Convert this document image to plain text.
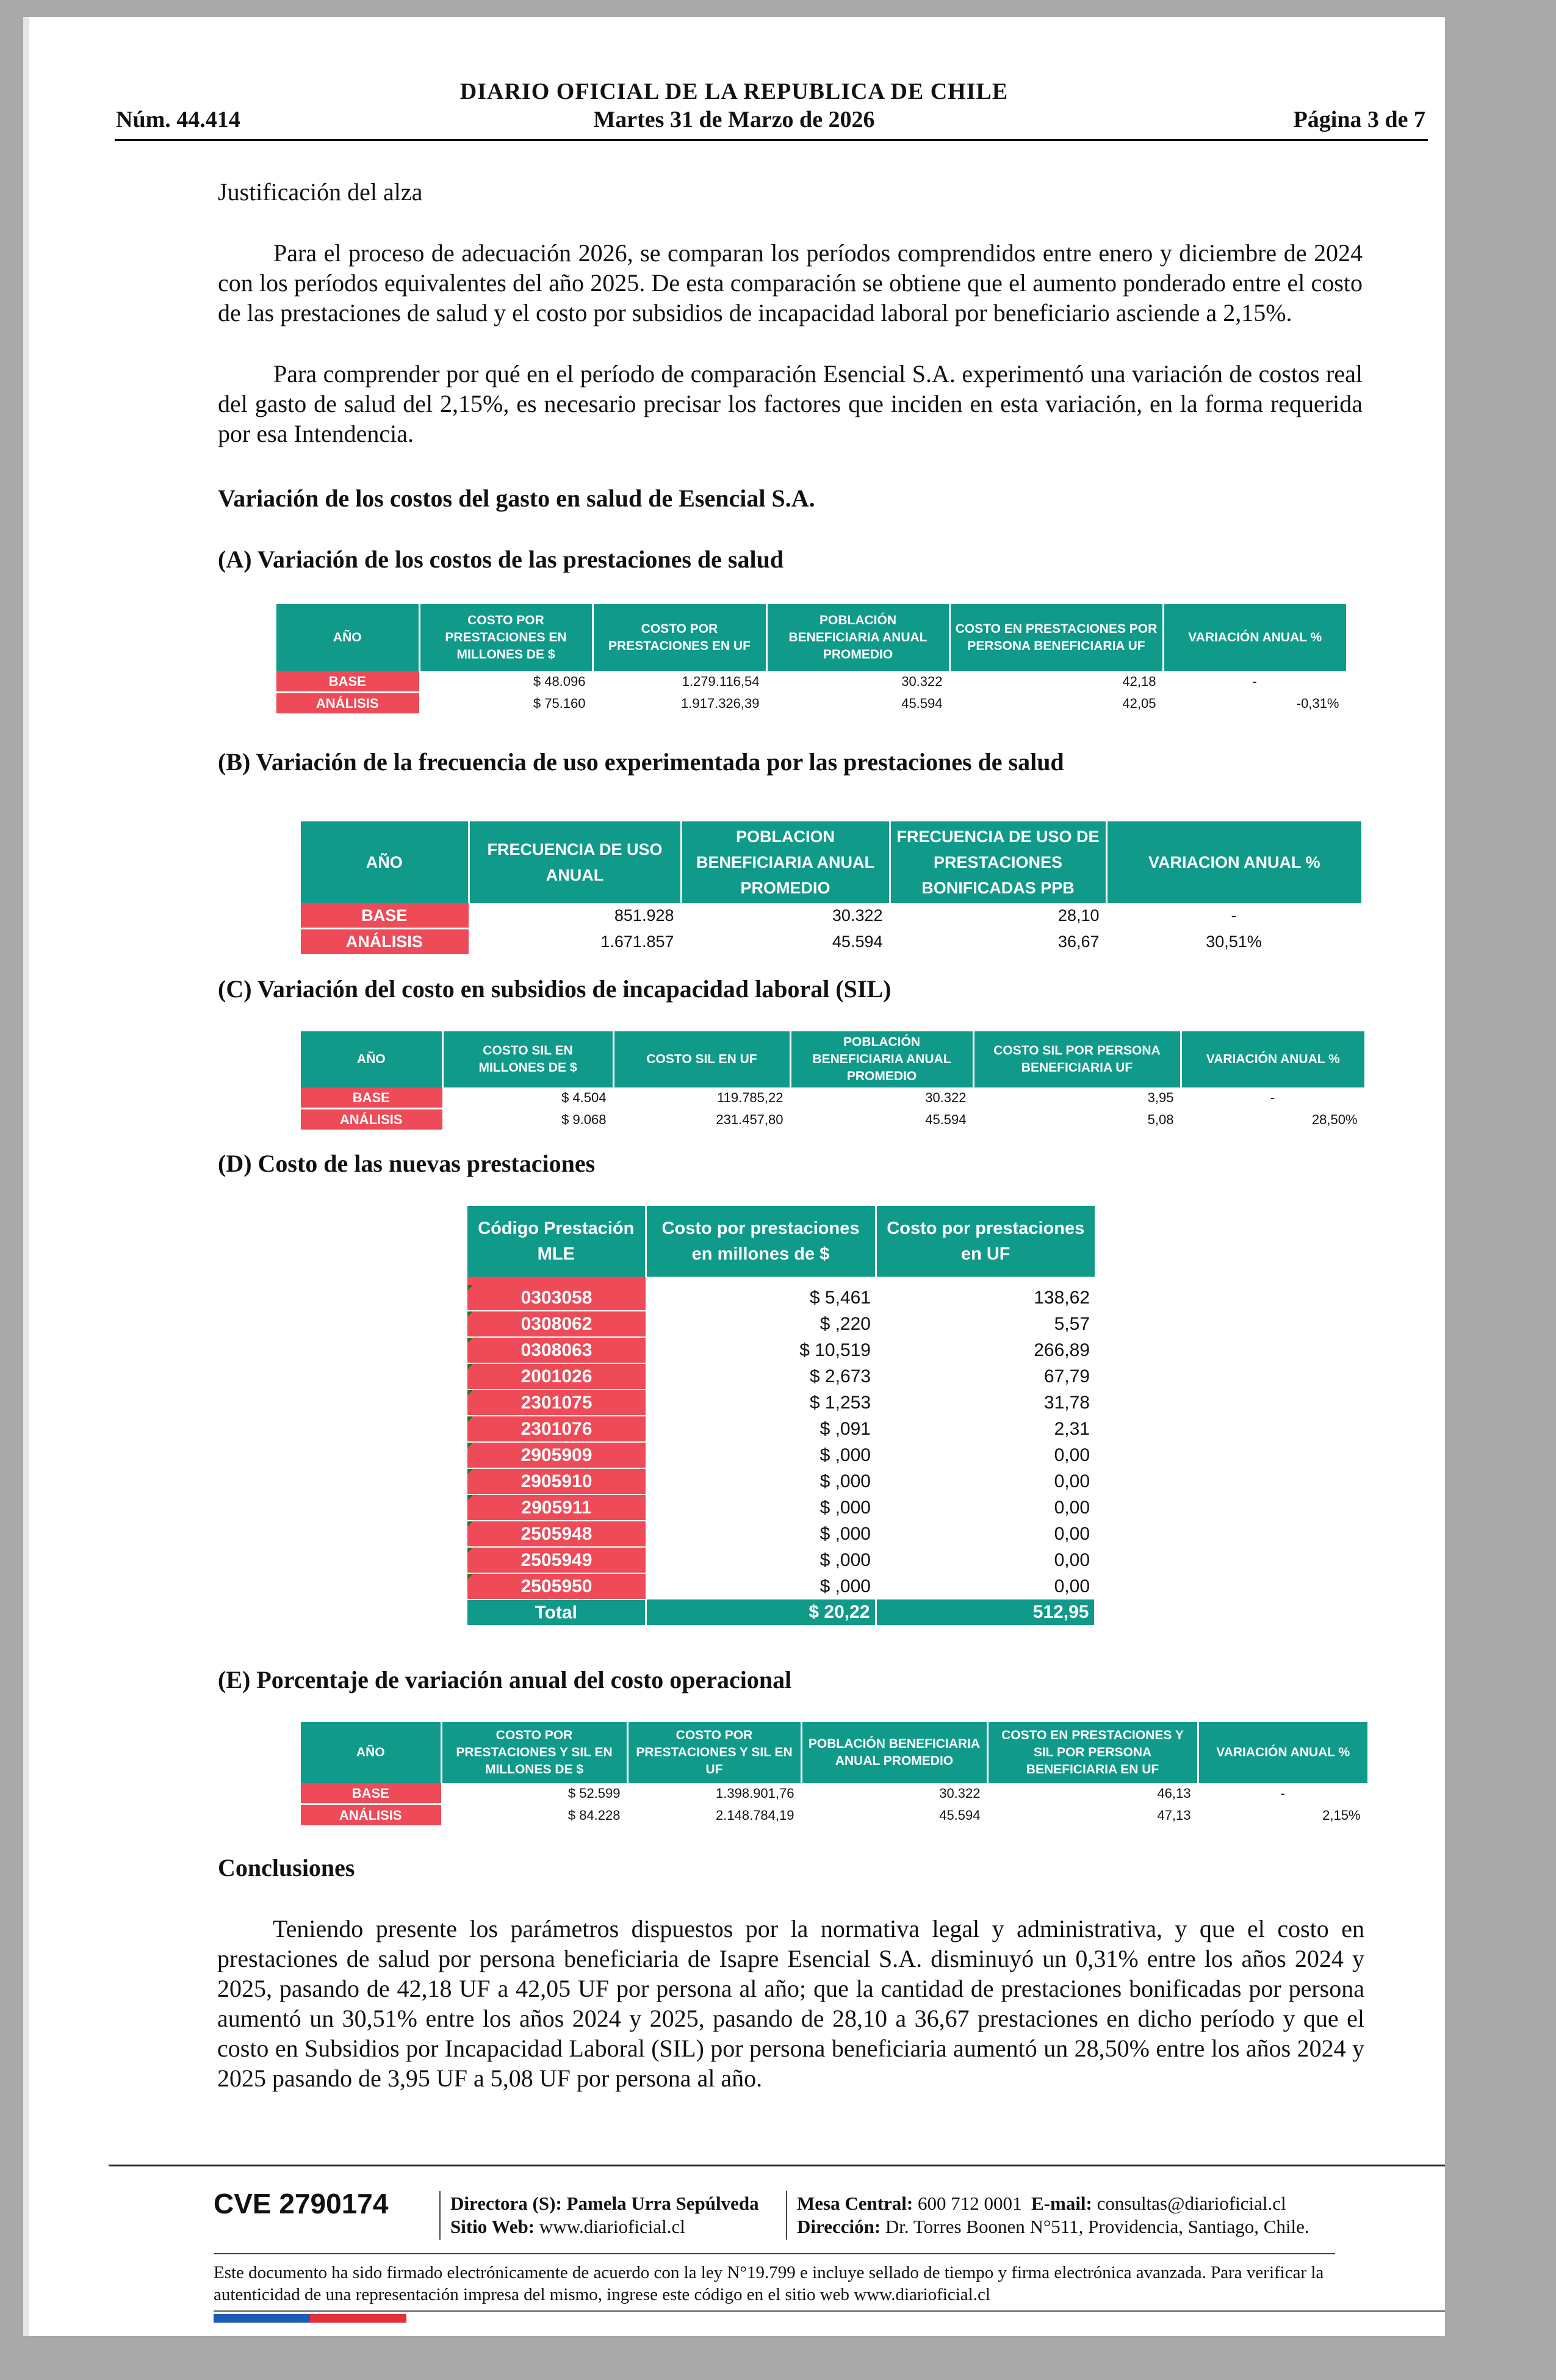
DIARIO OFICIAL DE LA REPUBLICA DE CHILE
Núm. 44.414	Martes 31 de Marzo de 2026	Página 3 de 7
Justificación del alza
Para el proceso de adecuación 2026, se comparan los períodos comprendidos entre enero y diciembre de 2024 con los períodos equivalentes del año 2025. De esta comparación se obtiene que el aumento ponderado entre el costo de las prestaciones de salud y el costo por subsidios de incapacidad laboral por beneficiario asciende a 2,15%.
Para comprender por qué en el período de comparación Esencial S.A. experimentó una variación de costos real del gasto de salud del 2,15%, es necesario precisar los factores que inciden en esta variación, en la forma requerida por esa Intendencia.
Variación de los costos del gasto en salud de Esencial S.A.
(A) Variación de los costos de las prestaciones de salud
AÑO	COSTO POR PRESTACIONES EN MILLONES DE $	COSTO POR PRESTACIONES EN UF	POBLACIÓN BENEFICIARIA ANUAL PROMEDIO	COSTO EN PRESTACIONES POR PERSONA BENEFICIARIA UF	VARIACIÓN ANUAL %
BASE	$ 48.096	1.279.116,54	30.322	42,18	-
ANÁLISIS	$ 75.160	1.917.326,39	45.594	42,05	-0,31%
(B) Variación de la frecuencia de uso experimentada por las prestaciones de salud
AÑO	FRECUENCIA DE USO ANUAL	POBLACION BENEFICIARIA ANUAL PROMEDIO	FRECUENCIA DE USO DE PRESTACIONES BONIFICADAS PPB	VARIACION ANUAL %
BASE	851.928	30.322	28,10	-
ANÁLISIS	1.671.857	45.594	36,67	30,51%
(C) Variación del costo en subsidios de incapacidad laboral (SIL)
AÑO	COSTO SIL EN MILLONES DE $	COSTO SIL EN UF	POBLACIÓN BENEFICIARIA ANUAL PROMEDIO	COSTO SIL POR PERSONA BENEFICIARIA UF	VARIACIÓN ANUAL %
BASE	$ 4.504	119.785,22	30.322	3,95	-
ANÁLISIS	$ 9.068	231.457,80	45.594	5,08	28,50%
(D) Costo de las nuevas prestaciones
Código Prestación MLE	Costo por prestaciones en millones de $	Costo por prestaciones en UF

0303058	$ 5,461	138,62
0308062	$ ,220	5,57
0308063	$ 10,519	266,89
2001026	$ 2,673	67,79
2301075	$ 1,253	31,78
2301076	$ ,091	2,31
2905909	$ ,000	0,00
2905910	$ ,000	0,00
2905911	$ ,000	0,00
2505948	$ ,000	0,00
2505949	$ ,000	0,00
2505950	$ ,000	0,00
Total	$ 20,22	512,95
(E) Porcentaje de variación anual del costo operacional
AÑO	COSTO POR PRESTACIONES Y SIL EN MILLONES DE $	COSTO POR PRESTACIONES Y SIL EN UF	POBLACIÓN BENEFICIARIA ANUAL PROMEDIO	COSTO EN PRESTACIONES Y SIL POR PERSONA BENEFICIARIA EN UF	VARIACIÓN ANUAL %
BASE	$ 52.599	1.398.901,76	30.322	46,13	-
ANÁLISIS	$ 84.228	2.148.784,19	45.594	47,13	2,15%
Conclusiones
Teniendo presente los parámetros dispuestos por la normativa legal y administrativa, y que el costo en prestaciones de salud por persona beneficiaria de Isapre Esencial S.A. disminuyó un 0,31% entre los años 2024 y 2025, pasando de 42,18 UF a 42,05 UF por persona al año; que la cantidad de prestaciones bonificadas por persona aumentó un 30,51% entre los años 2024 y 2025, pasando de 28,10 a 36,67 prestaciones en dicho período y que el costo en Subsidios por Incapacidad Laboral (SIL) por persona beneficiaria aumentó un 28,50% entre los años 2024 y 2025 pasando de 3,95 UF a 5,08 UF por persona al año.
CVE 2790174	Directora (S): Pamela Urra Sepúlveda
Sitio Web: www.diarioficial.cl
Mesa Central: 600 712 0001 E-mail: consultas@diarioficial.cl
Dirección: Dr. Torres Boonen N°511, Providencia, Santiago, Chile.
Este documento ha sido firmado electrónicamente de acuerdo con la ley N°19.799 e incluye sellado de tiempo y firma electrónica avanzada. Para verificar la autenticidad de una representación impresa del mismo, ingrese este código en el sitio web www.diarioficial.cl
